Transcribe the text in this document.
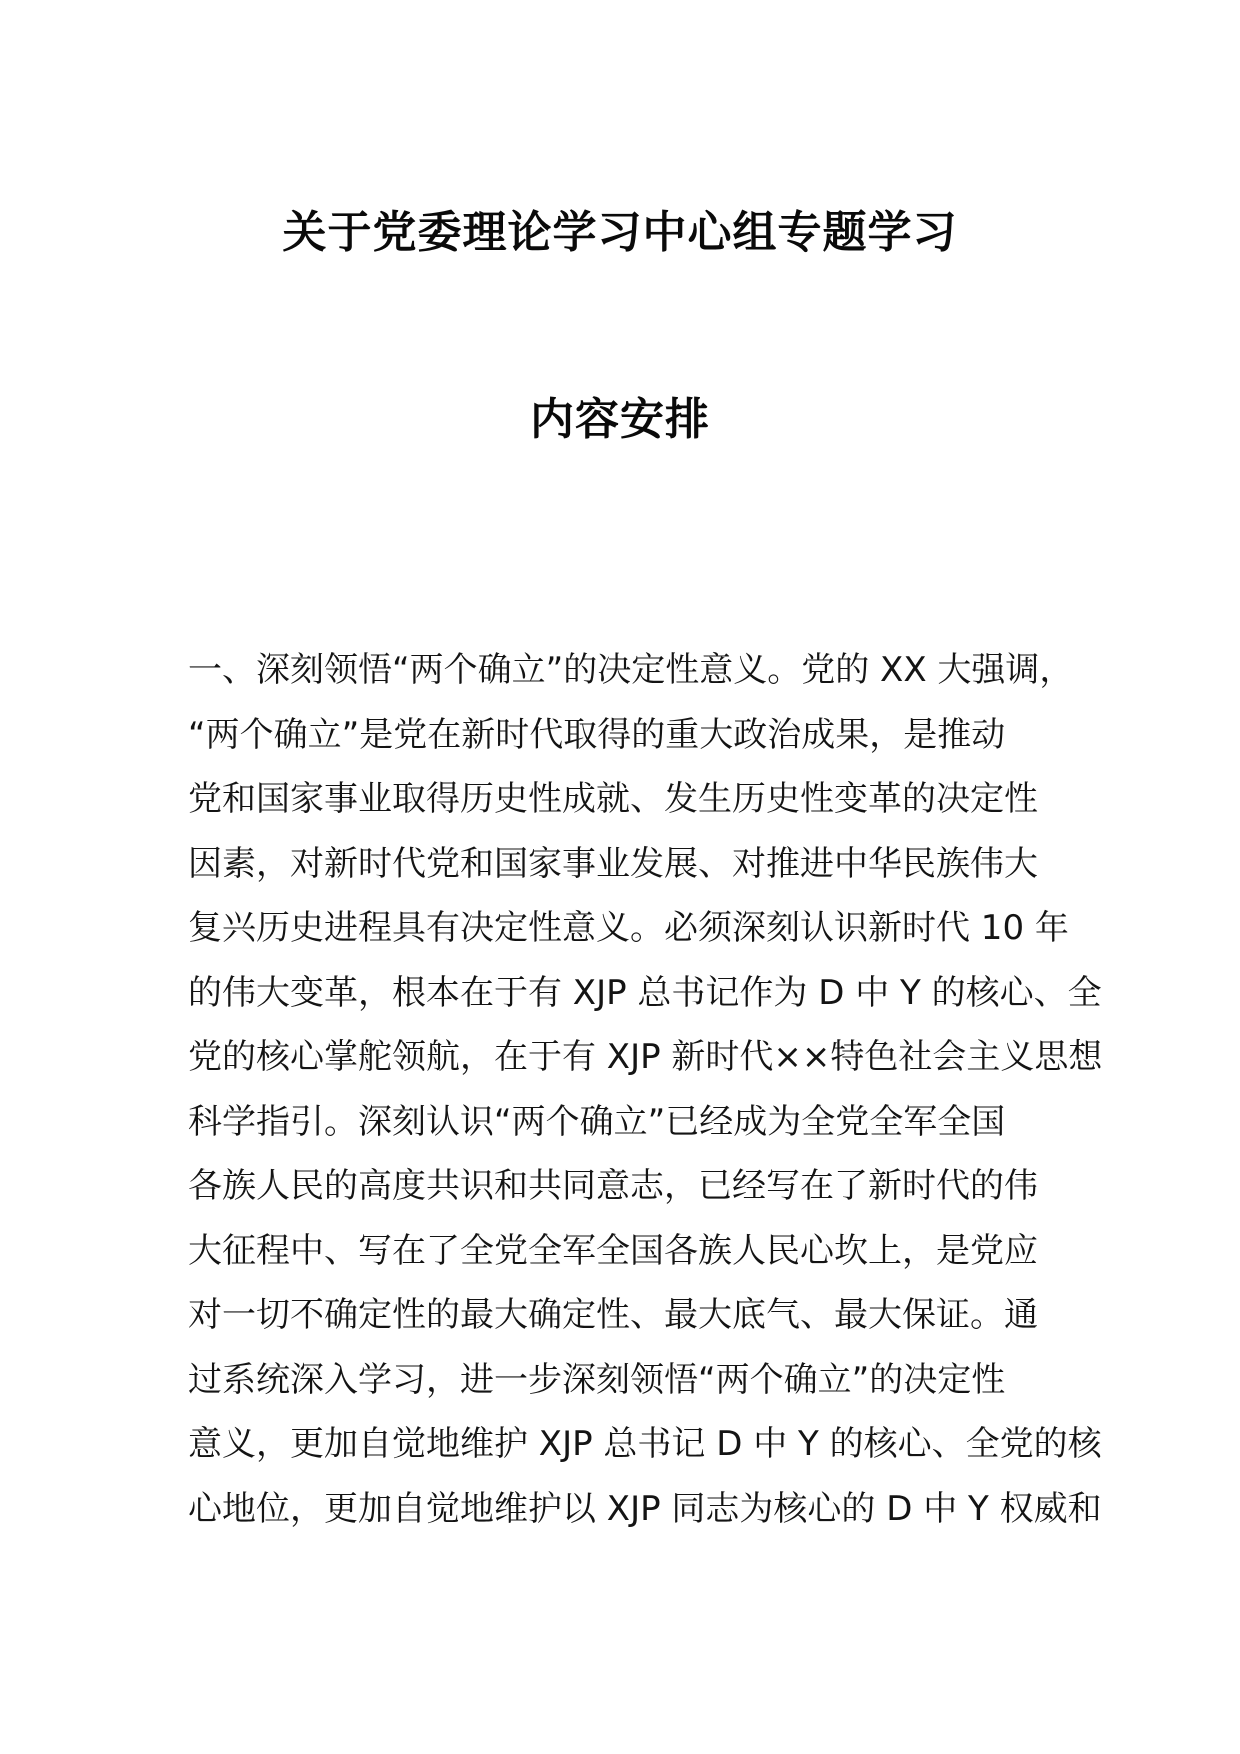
关于党委理论学习中心组专题学习
内容安排
一、深刻领悟“两个确立”的决定性意义。党的 XX 大强调，
“两个确立”是党在新时代取得的重大政治成果，是推动
党和国家事业取得历史性成就、发生历史性变革的决定性
因素，对新时代党和国家事业发展、对推进中华民族伟大
复兴历史进程具有决定性意义。必须深刻认识新时代 10 年
的伟大变革，根本在于有 XJP 总书记作为 D 中 Y 的核心、全
党的核心掌舵领航，在于有 XJP 新时代××特色社会主义思想
科学指引。深刻认识“两个确立”已经成为全党全军全国
各族人民的高度共识和共同意志，已经写在了新时代的伟
大征程中、写在了全党全军全国各族人民心坎上，是党应
对一切不确定性的最大确定性、最大底气、最大保证。通
过系统深入学习，进一步深刻领悟“两个确立”的决定性
意义，更加自觉地维护 XJP 总书记 D 中 Y 的核心、全党的核
心地位，更加自觉地维护以 XJP 同志为核心的 D 中 Y 权威和
